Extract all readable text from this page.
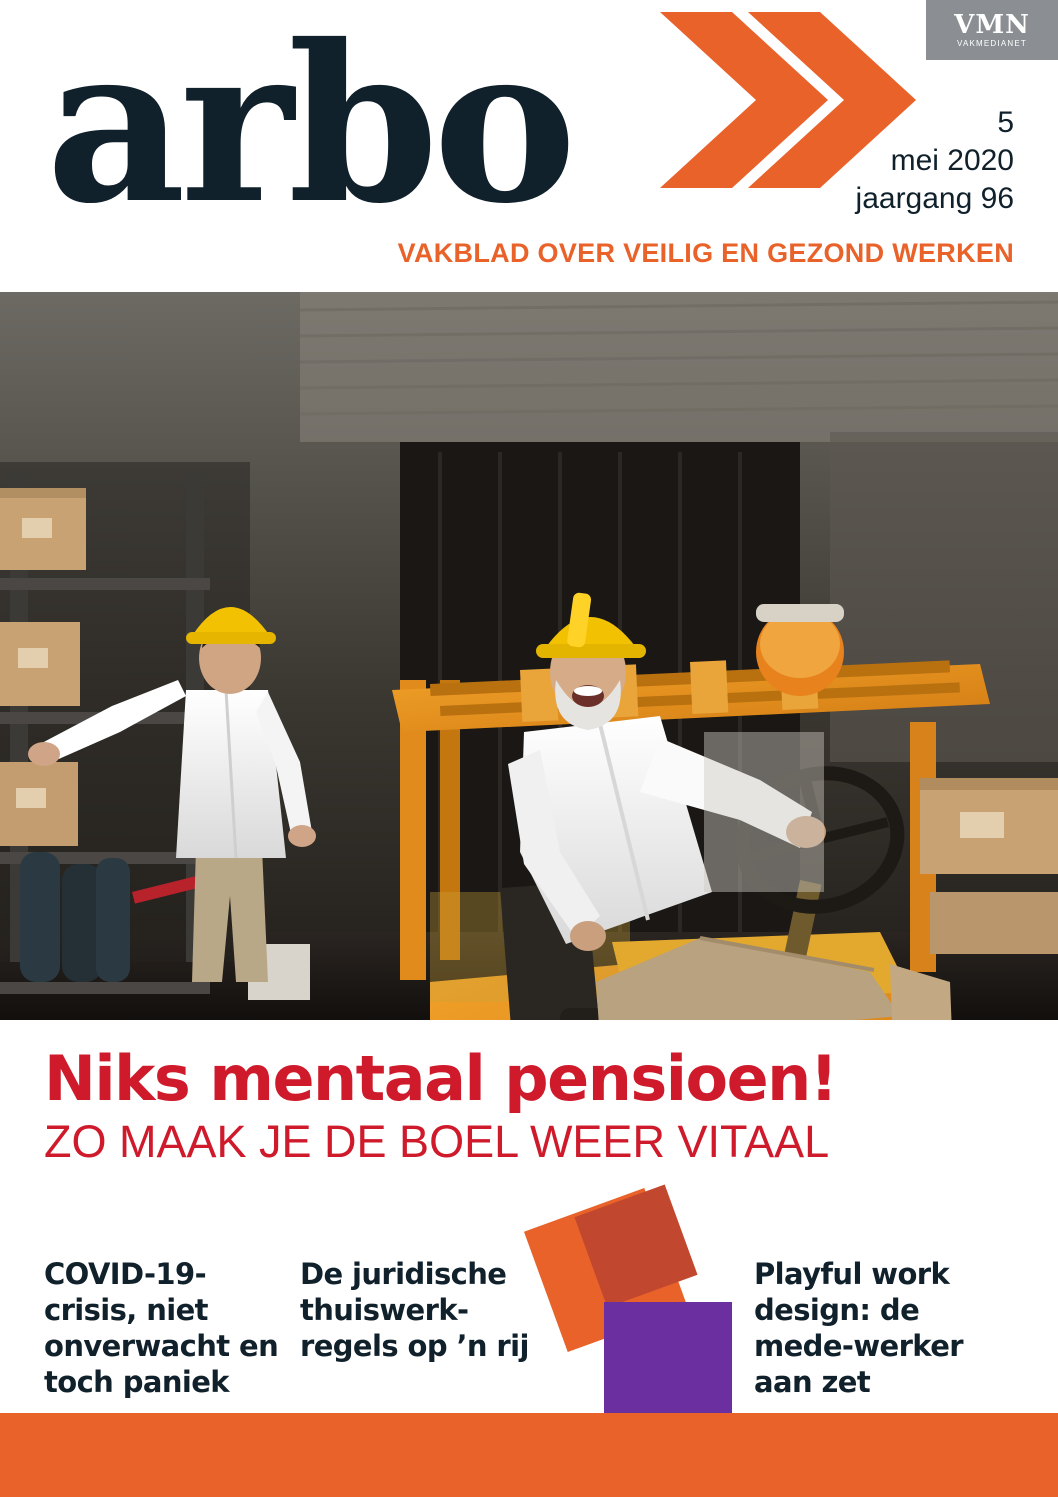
arbo	VMN
VAKMEDIANET
5
mei 2020
jaargang 96
VAKBLAD OVER VEILIG EN GEZOND WERKEN
Niks mentaal pensioen!
ZO MAAK JE DE BOEL WEER VITAAL
COVID-19-crisis, niet onverwacht en toch paniek
De juridische thuiswerk-regels op ’n rij
Playful work design: de mede-werker aan zet
